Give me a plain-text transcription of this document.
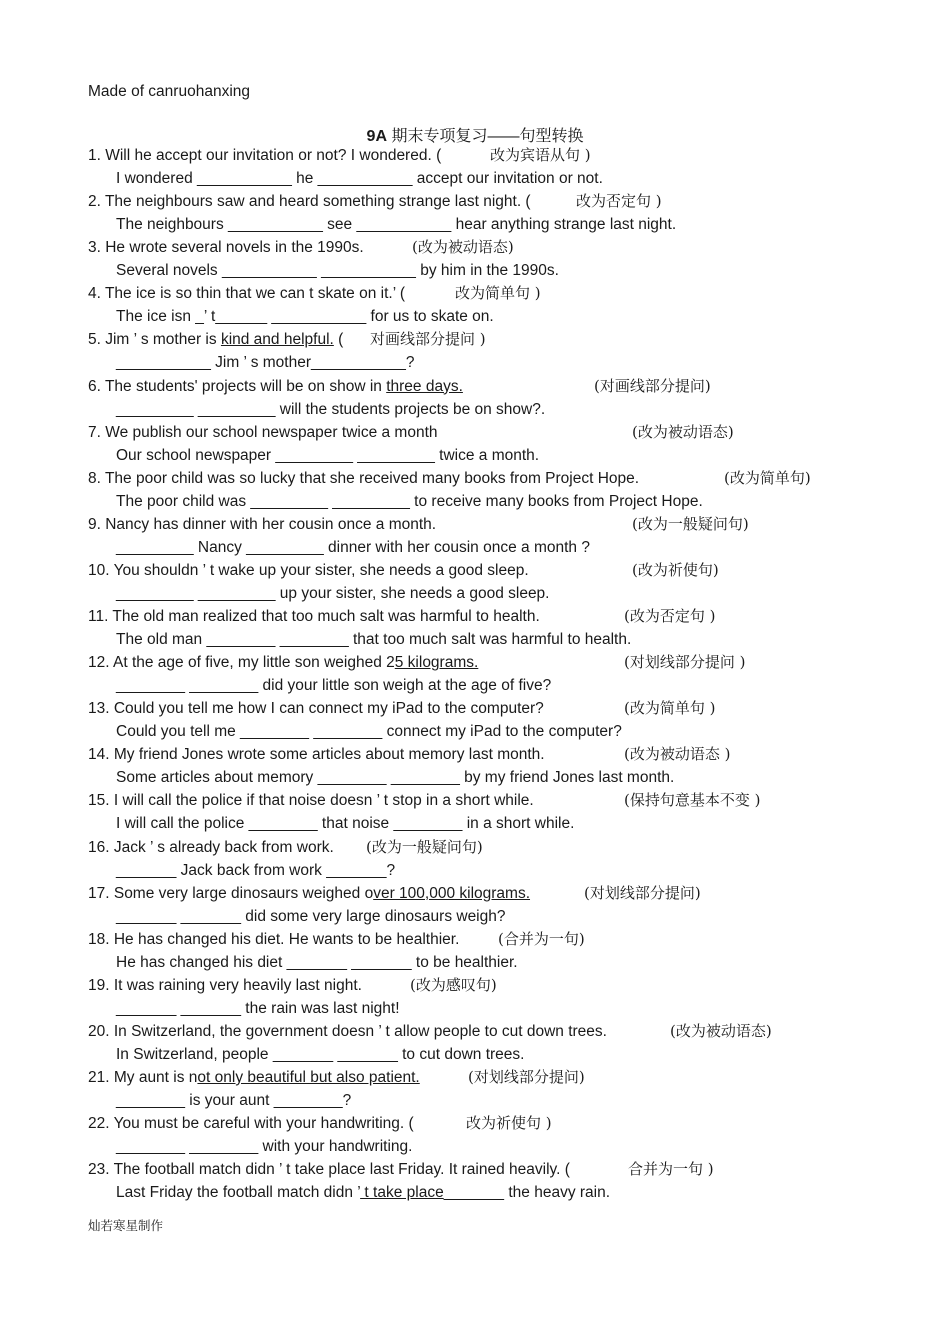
Made of canruohanxing
9A 期末专项复习——句型转换
1. Will he accept our invitation or not? I wondered. (	改为宾语从句 )
I wondered ___________ he ___________ accept our invitation or not.
2. The neighbours saw and heard something strange last night. (	改为否定句 )
The neighbours ___________ see ___________ hear anything strange last night.
3. He wrote several novels in the 1990s.	(改为被动语态)
Several novels ___________ ___________ by him in the 1990s.
4. The ice is so thin that we can t skate on it.’ (	改为简单句 )
The ice isn _’ t______ ___________ for us to skate on.
5. Jim ’ s mother is kind and helpful. ( 对画线部分提问 )
___________ Jim ’ s mother___________?
6. The students' projects will be on show in three days.	(对画线部分提问)
_________ _________ will the students projects be on show?.
7. We publish our school newspaper twice a month	(改为被动语态)
Our school newspaper _________ _________ twice a month.
8. The poor child was so lucky that she received many books from Project Hope.	(改为简单句)
The poor child was _________ _________ to receive many books from Project Hope.
9. Nancy has dinner with her cousin once a month.	(改为一般疑问句)
_________ Nancy _________ dinner with her cousin once a month ?
10. You shouldn ’ t wake up your sister, she needs a good sleep.	(改为祈使句)
_________ _________ up your sister, she needs a good sleep.
11. The old man realized that too much salt was harmful to health.	(改为否定句 )
The old man ________ ________ that too much salt was harmful to health.
12. At the age of five, my little son weighed 25 kilograms.	(对划线部分提问 )
________ ________ did your little son weigh at the age of five?
13. Could you tell me how I can connect my iPad to the computer?	(改为简单句 )
Could you tell me ________ ________ connect my iPad to the computer?
14. My friend Jones wrote some articles about memory last month.	(改为被动语态 )
Some articles about memory ________ ________ by my friend Jones last month.
15. I will call the police if that noise doesn ’ t stop in a short while.	(保持句意基本不变 )
I will call the police ________ that noise ________ in a short while.
16. Jack ’ s already back from work. (改为一般疑问句)
_______ Jack back from work _______?
17. Some very large dinosaurs weighed over 100,000 kilograms.	(对划线部分提问)
_______ _______ did some very large dinosaurs weigh?
18. He has changed his diet. He wants to be healthier.	(合并为一句)
He has changed his diet _______ _______ to be healthier.
19. It was raining very heavily last night.	(改为感叹句)
_______ _______ the rain was last night!
20. In Switzerland, the government doesn ’ t allow people to cut down trees.	(改为被动语态)
In Switzerland, people _______ _______ to cut down trees.
21. My aunt is not only beautiful but also patient.	(对划线部分提问)
________ is your aunt ________?
22. You must be careful with your handwriting. (	改为祈使句 )
________ ________ with your handwriting.
23. The football match didn ’ t take place last Friday. It rained heavily. (	合并为一句 )
Last Friday the football match didn ’ t take place_______ the heavy rain.
灿若寒星制作
